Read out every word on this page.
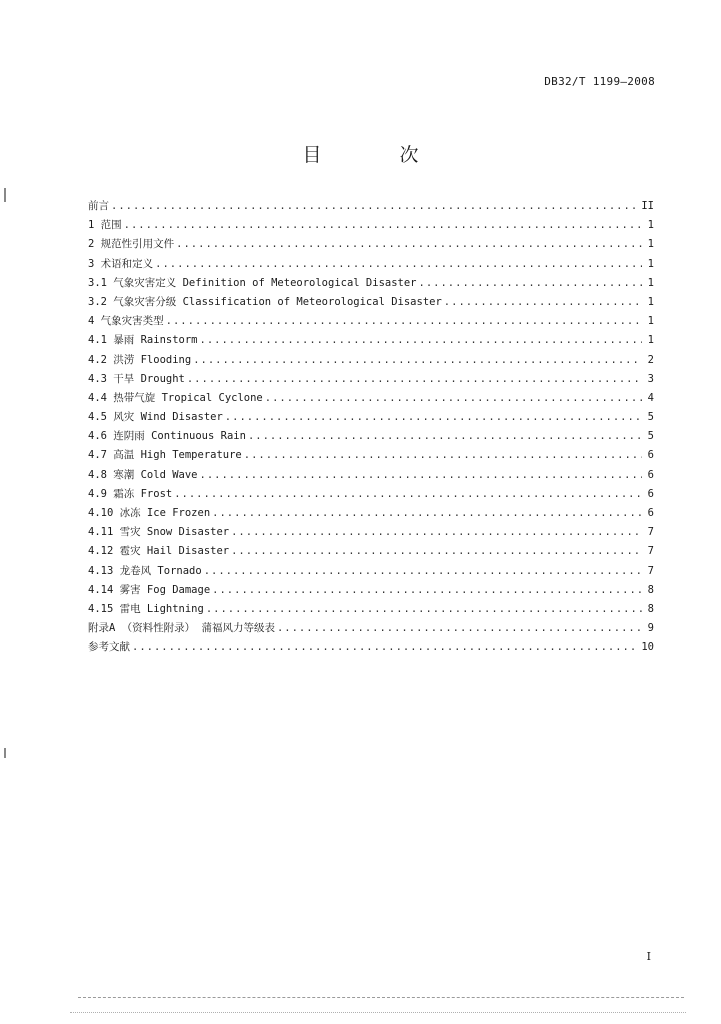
DB32/T 1199—2008
目 次
前言 .....	II
1 范围 .....	1
2 规范性引用文件 .....	1
3 术语和定义 .....	1
3.1 气象灾害定义 Definition of Meteorological Disaster .....	1
3.2 气象灾害分级 Classification of Meteorological Disaster .....	1
4 气象灾害类型 .....	1
4.1 暴雨 Rainstorm .....	1
4.2 洪涝 Flooding .....	2
4.3 干旱 Drought .....	3
4.4 热带气旋 Tropical Cyclone .....	4
4.5 风灾 Wind Disaster .....	5
4.6 连阴雨 Continuous Rain .....	5
4.7 高温 High Temperature .....	6
4.8 寒潮 Cold Wave .....	6
4.9 霜冻 Frost .....	6
4.10 冰冻 Ice Frozen .....	6
4.11 雪灾 Snow Disaster .....	7
4.12 雹灾 Hail Disaster .....	7
4.13 龙卷风 Tornado .....	7
4.14 雾害 Fog Damage .....	8
4.15 雷电 Lightning .....	8
附录A （资料性附录） 蒲福风力等级表 .....	9
参考文献 .....	10
I
